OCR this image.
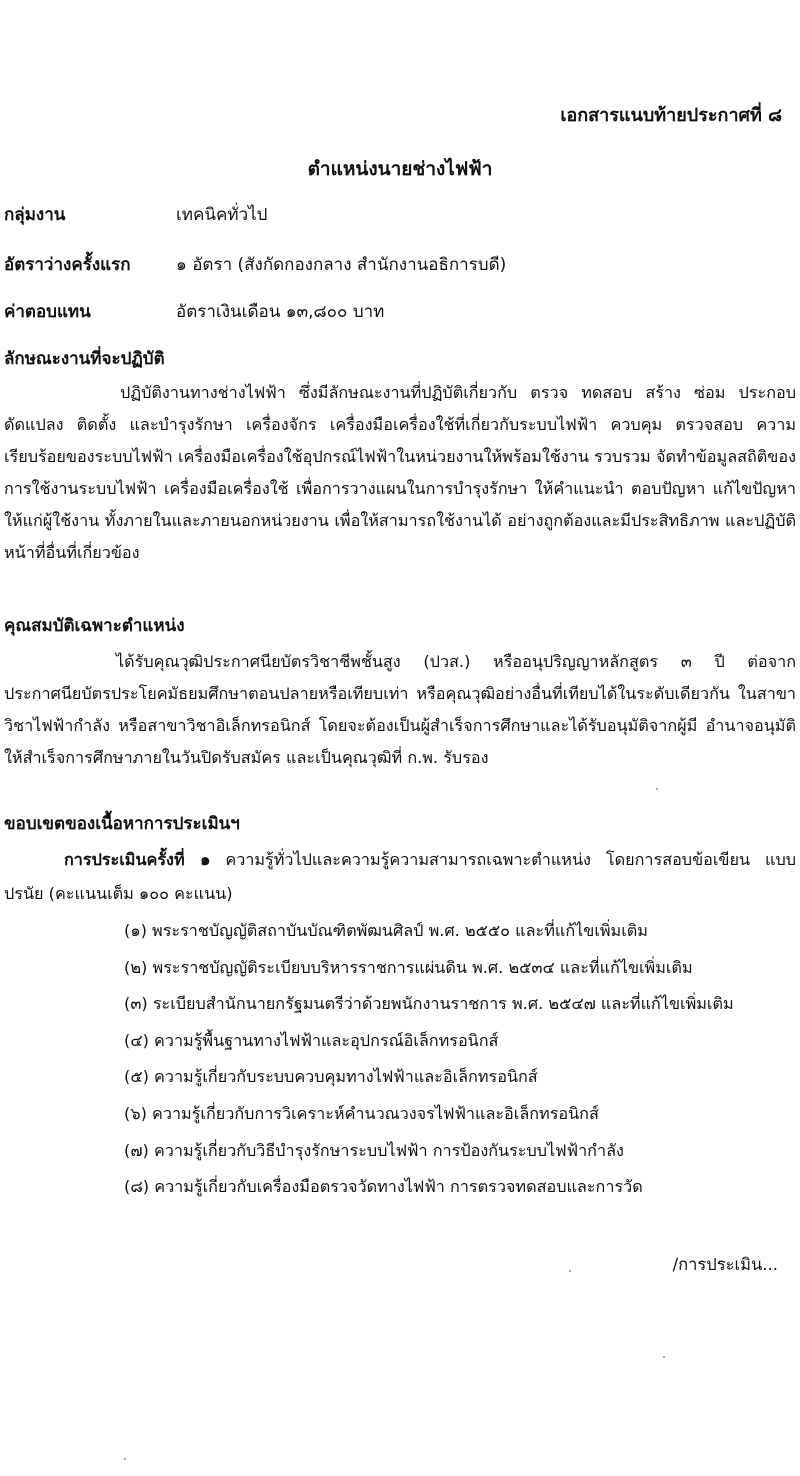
เอกสารแนบท้ายประกาศที่ ๘
ตำแหน่งนายช่างไฟฟ้า
กลุ่มงาน	เทคนิคทั่วไป
อัตราว่างครั้งแรก	๑ อัตรา (สังกัดกองกลาง สำนักงานอธิการบดี)
ค่าตอบแทน	อัตราเงินเดือน ๑๓,๘๐๐ บาท
ลักษณะงานที่จะปฏิบัติ
ปฏิบัติงานทางช่างไฟฟ้า ซึ่งมีลักษณะงานที่ปฏิบัติเกี่ยวกับ ตรวจ ทดสอบ สร้าง ซ่อม ประกอบ ดัดแปลง ติดตั้ง และบำรุงรักษา เครื่องจักร เครื่องมือเครื่องใช้ที่เกี่ยวกับระบบไฟฟ้า ควบคุม ตรวจสอบ ความเรียบร้อยของระบบไฟฟ้า เครื่องมือเครื่องใช้อุปกรณ์ไฟฟ้าในหน่วยงานให้พร้อมใช้งาน รวบรวม จัดทำข้อมูลสถิติของการใช้งานระบบไฟฟ้า เครื่องมือเครื่องใช้ เพื่อการวางแผนในการบำรุงรักษา ให้คำแนะนำ ตอบปัญหา แก้ไขปัญหาให้แก่ผู้ใช้งาน ทั้งภายในและภายนอกหน่วยงาน เพื่อให้สามารถใช้งานได้ อย่างถูกต้องและมีประสิทธิภาพ และปฏิบัติหน้าที่อื่นที่เกี่ยวข้อง
คุณสมบัติเฉพาะตำแหน่ง
ได้รับคุณวุฒิประกาศนียบัตรวิชาชีพชั้นสูง (ปวส.) หรืออนุปริญญาหลักสูตร ๓ ปี ต่อจาก ประกาศนียบัตรประโยคมัธยมศึกษาตอนปลายหรือเทียบเท่า หรือคุณวุฒิอย่างอื่นที่เทียบได้ในระดับเดียวกัน ในสาขาวิชาไฟฟ้ากำลัง หรือสาขาวิชาอิเล็กทรอนิกส์ โดยจะต้องเป็นผู้สำเร็จการศึกษาและได้รับอนุมัติจากผู้มี อำนาจอนุมัติให้สำเร็จการศึกษาภายในวันปิดรับสมัคร และเป็นคุณวุฒิที่ ก.พ. รับรอง
ขอบเขตของเนื้อหาการประเมินฯ
การประเมินครั้งที่ ๑ ความรู้ทั่วไปและความรู้ความสามารถเฉพาะตำแหน่ง โดยการสอบข้อเขียน แบบปรนัย (คะแนนเต็ม ๑๐๐ คะแนน)
(๑) พระราชบัญญัติสถาบันบัณฑิตพัฒนศิลป์ พ.ศ. ๒๕๕๐ และที่แก้ไขเพิ่มเติม
(๒) พระราชบัญญัติระเบียบบริหารราชการแผ่นดิน พ.ศ. ๒๕๓๔ และที่แก้ไขเพิ่มเติม
(๓) ระเบียบสำนักนายกรัฐมนตรีว่าด้วยพนักงานราชการ พ.ศ. ๒๕๔๗ และที่แก้ไขเพิ่มเติม
(๔) ความรู้พื้นฐานทางไฟฟ้าและอุปกรณ์อิเล็กทรอนิกส์
(๕) ความรู้เกี่ยวกับระบบควบคุมทางไฟฟ้าและอิเล็กทรอนิกส์
(๖) ความรู้เกี่ยวกับการวิเคราะห์คำนวณวงจรไฟฟ้าและอิเล็กทรอนิกส์
(๗) ความรู้เกี่ยวกับวิธีบำรุงรักษาระบบไฟฟ้า การป้องกันระบบไฟฟ้ากำลัง
(๘) ความรู้เกี่ยวกับเครื่องมือตรวจวัดทางไฟฟ้า การตรวจทดสอบและการวัด
/การประเมิน...
